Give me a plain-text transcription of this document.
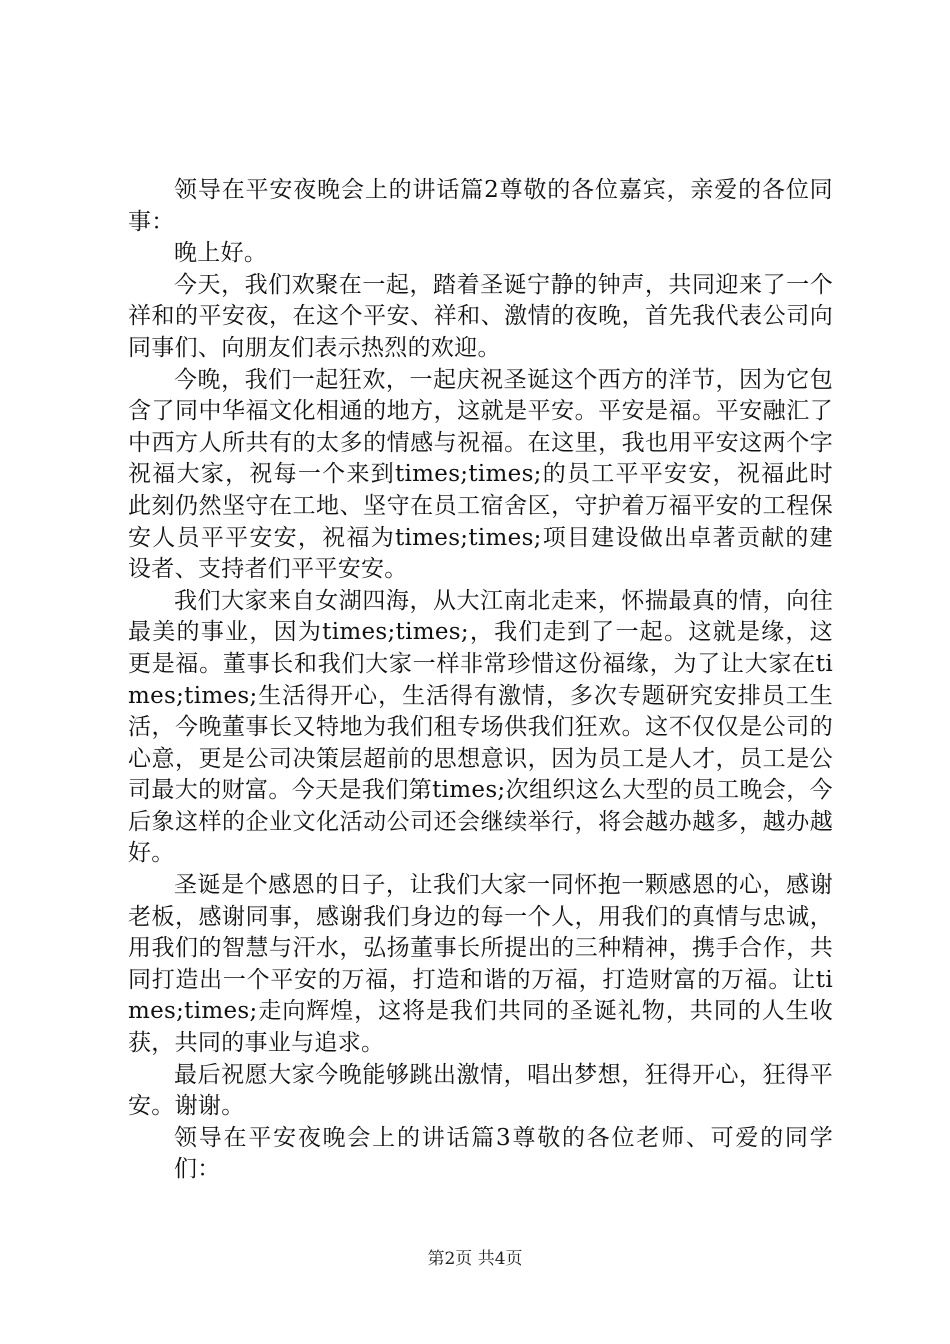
领导在平安夜晚会上的讲话篇2尊敬的各位嘉宾，亲爱的各位同事：

晚上好。

今天，我们欢聚在一起，踏着圣诞宁静的钟声，共同迎来了一个祥和的平安夜，在这个平安、祥和、激情的夜晚，首先我代表公司向同事们、向朋友们表示热烈的欢迎。

今晚，我们一起狂欢，一起庆祝圣诞这个西方的洋节，因为它包含了同中华福文化相通的地方，这就是平安。平安是福。平安融汇了中西方人所共有的太多的情感与祝福。在这里，我也用平安这两个字祝福大家，祝每一个来到times;times;的员工平平安安，祝福此时此刻仍然坚守在工地、坚守在员工宿舍区，守护着万福平安的工程保安人员平平安安，祝福为times;times;项目建设做出卓著贡献的建设者、支持者们平平安安。

我们大家来自女湖四海，从大江南北走来，怀揣最真的情，向往最美的事业，因为times;times;，我们走到了一起。这就是缘，这更是福。董事长和我们大家一样非常珍惜这份福缘，为了让大家在times;times;生活得开心，生活得有激情，多次专题研究安排员工生活，今晚董事长又特地为我们租专场供我们狂欢。这不仅仅是公司的心意，更是公司决策层超前的思想意识，因为员工是人才，员工是公司最大的财富。今天是我们第times;次组织这么大型的员工晚会，今后象这样的企业文化活动公司还会继续举行，将会越办越多，越办越好。

圣诞是个感恩的日子，让我们大家一同怀抱一颗感恩的心，感谢老板，感谢同事，感谢我们身边的每一个人，用我们的真情与忠诚，用我们的智慧与汗水，弘扬董事长所提出的三种精神，携手合作，共同打造出一个平安的万福，打造和谐的万福，打造财富的万福。让times;times;走向辉煌，这将是我们共同的圣诞礼物，共同的人生收获，共同的事业与追求。

最后祝愿大家今晚能够跳出激情，唱出梦想，狂得开心，狂得平安。谢谢。

领导在平安夜晚会上的讲话篇3尊敬的各位老师、可爱的同学们：

第2页 共4页
